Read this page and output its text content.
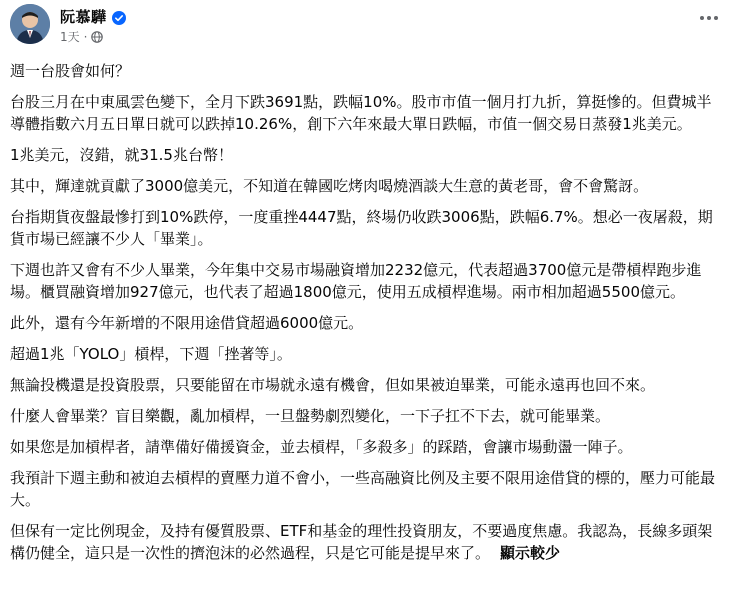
阮慕驊
1天 ·

週一台股會如何？

台股三月在中東風雲色變下，全月下跌3691點，跌幅10%。股市市值一個月打九折，算挺慘的。但費城半導體指數六月五日單日就可以跌掉10.26%，創下六年來最大單日跌幅，市值一個交易日蒸發1兆美元。

1兆美元，沒錯，就31.5兆台幣！

其中，輝達就貢獻了3000億美元，不知道在韓國吃烤肉喝燒酒談大生意的黃老哥，會不會驚訝。

台指期貨夜盤最慘打到10%跌停，一度重挫4447點，終場仍收跌3006點，跌幅6.7%。想必一夜屠殺，期貨市場已經讓不少人「畢業」。

下週也許又會有不少人畢業，今年集中交易市場融資增加2232億元，代表超過3700億元是帶槓桿跑步進場。櫃買融資增加927億元，也代表了超過1800億元，使用五成槓桿進場。兩市相加超過5500億元。

此外，還有今年新增的不限用途借貸超過6000億元。

超過1兆「YOLO」槓桿，下週「挫著等」。

無論投機還是投資股票，只要能留在市場就永遠有機會，但如果被迫畢業，可能永遠再也回不來。

什麼人會畢業？盲目樂觀，亂加槓桿，一旦盤勢劇烈變化，一下子扛不下去，就可能畢業。

如果您是加槓桿者，請準備好備援資金，並去槓桿，「多殺多」的踩踏，會讓市場動盪一陣子。

我預計下週主動和被迫去槓桿的賣壓力道不會小，一些高融資比例及主要不限用途借貸的標的，壓力可能最大。

但保有一定比例現金，及持有優質股票、ETF和基金的理性投資朋友，不要過度焦慮。我認為，長線多頭架構仍健全，這只是一次性的擠泡沫的必然過程，只是它可能是提早來了。 顯示較少
